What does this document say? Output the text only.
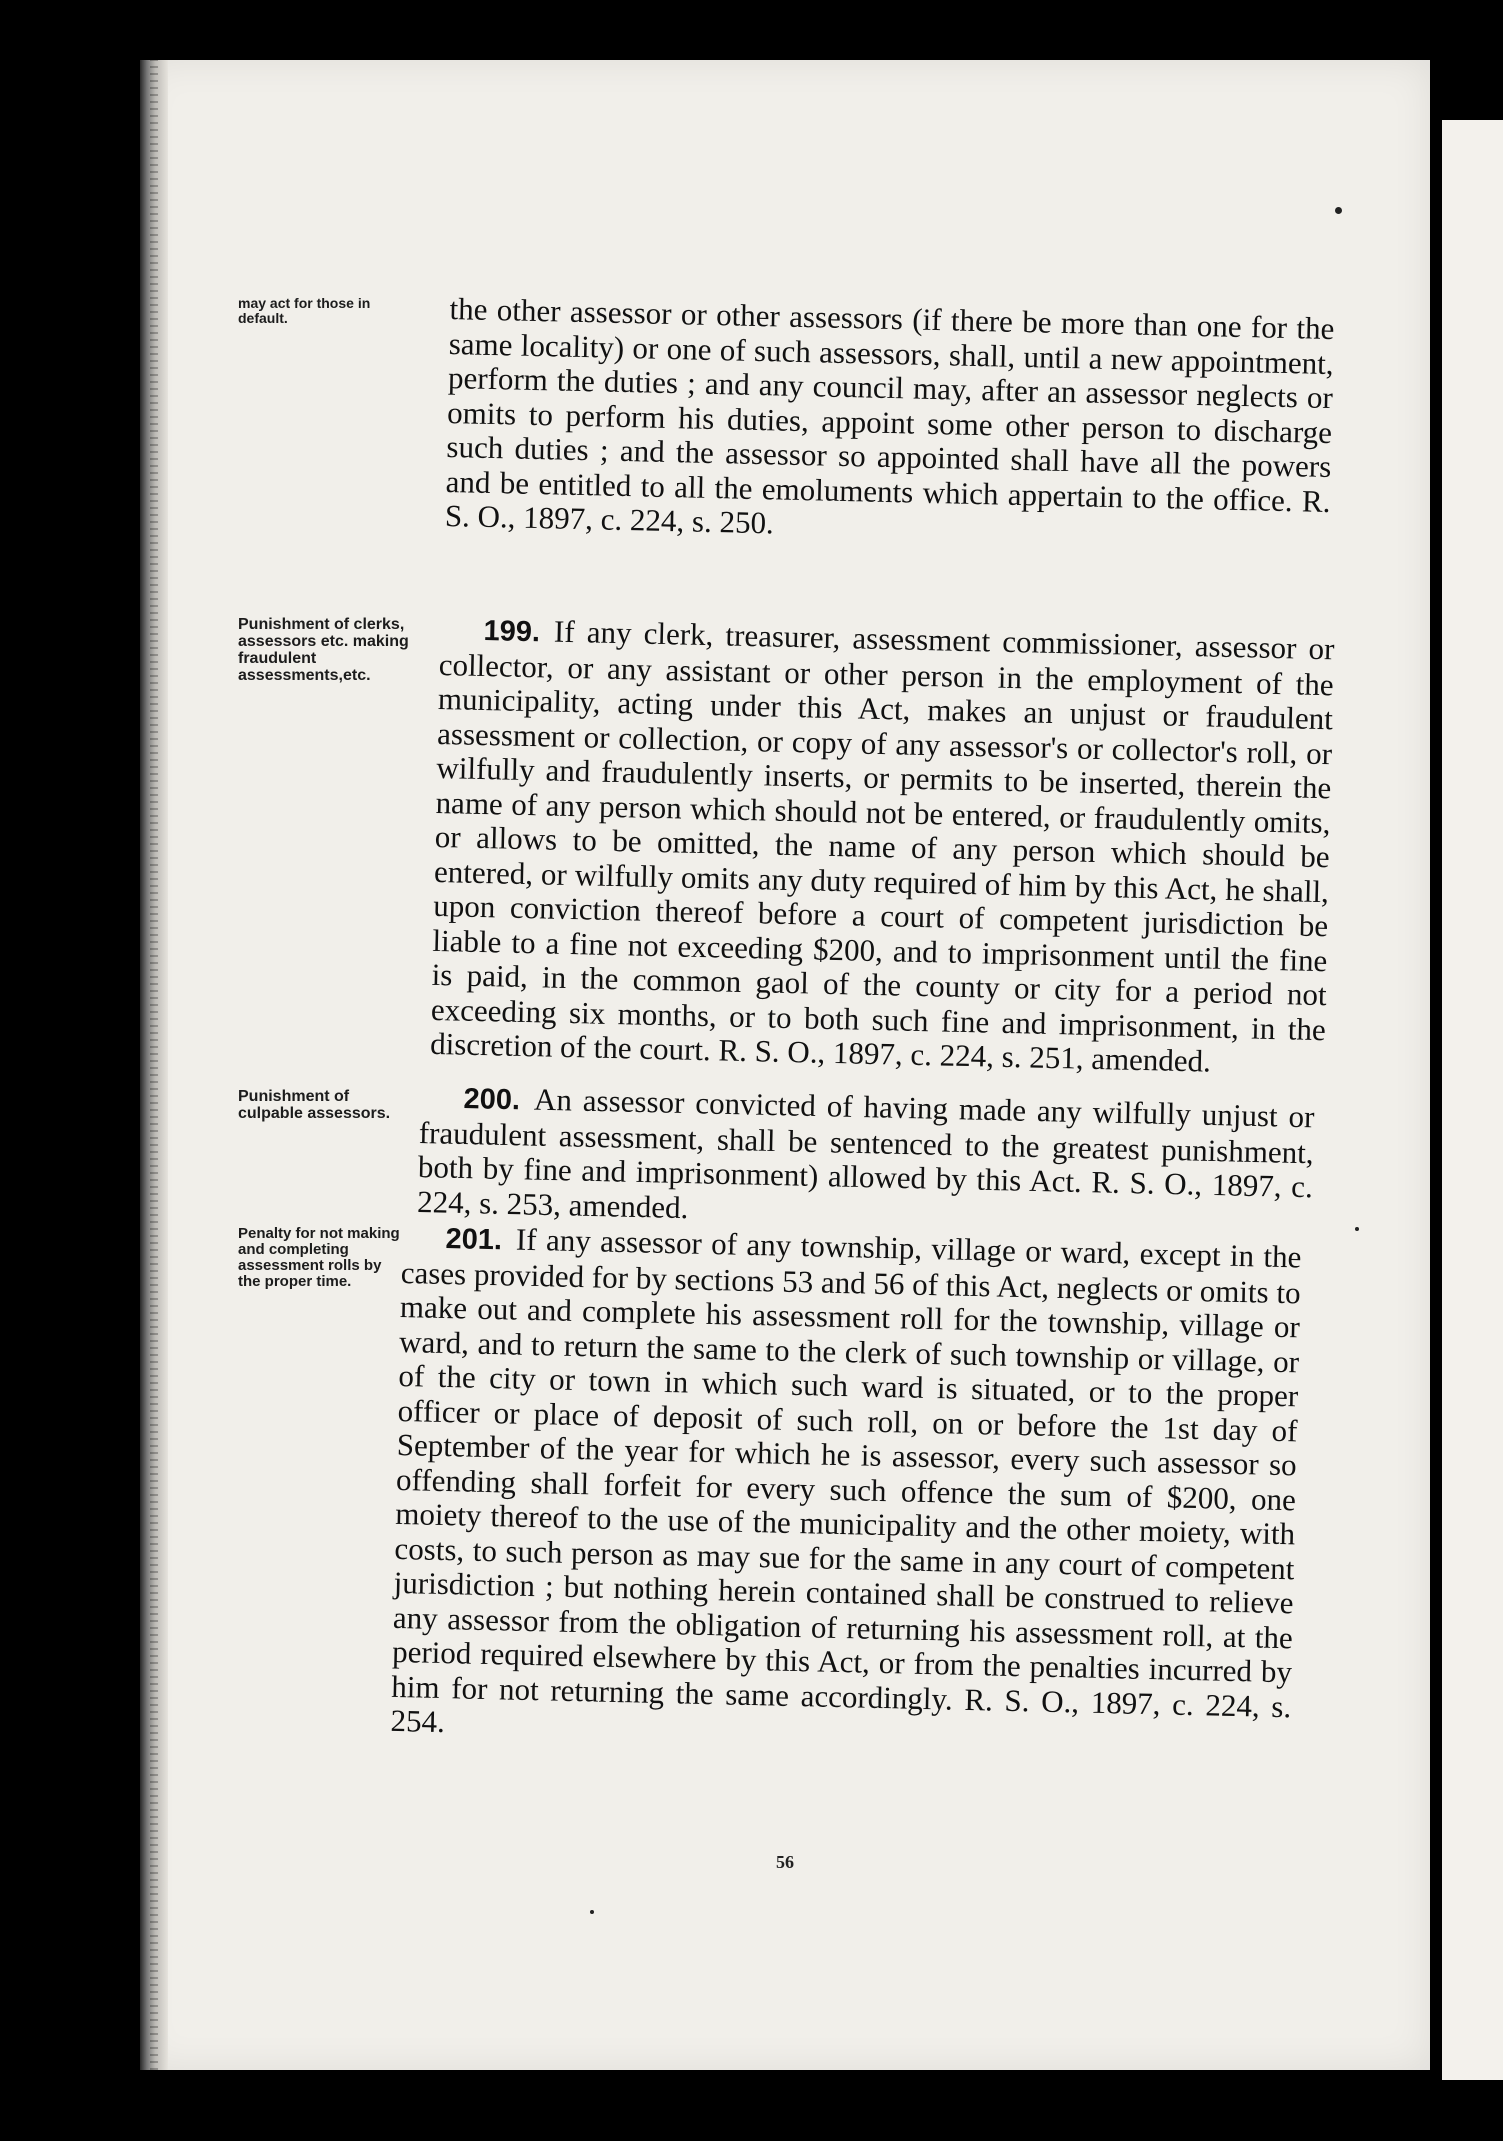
may act for those in default.	the other assessor or other assessors (if there be more than one for the same locality) or one of such assessors, shall, until a new appointment, perform the duties ; and any council may, after an assessor neglects or omits to perform his duties, appoint some other person to discharge such duties ; and the assessor so appointed shall have all the powers and be entitled to all the emoluments which appertain to the office. R. S. O., 1897, c. 224, s. 250.
Punishment of clerks, assessors etc. making fraudulent assessments,etc.
199. If any clerk, treasurer, assessment commissioner, assessor or collector, or any assistant or other person in the employment of the municipality, acting under this Act, makes an unjust or fraudulent assessment or collection, or copy of any assessor's or collector's roll, or wilfully and fraudulently inserts, or permits to be inserted, therein the name of any person which should not be entered, or fraudulently omits, or allows to be omitted, the name of any person which should be entered, or wilfully omits any duty required of him by this Act, he shall, upon conviction thereof before a court of competent jurisdiction be liable to a fine not exceeding $200, and to imprisonment until the fine is paid, in the common gaol of the county or city for a period not exceeding six months, or to both such fine and imprisonment, in the discretion of the court. R. S. O., 1897, c. 224, s. 251, amended.
Punishment of culpable assessors.	200. An assessor convicted of having made any wilfully unjust or fraudulent assessment, shall be sentenced to the greatest punishment, both by fine and imprisonment) allowed by this Act. R. S. O., 1897, c. 224, s. 253, amended.
Penalty for not making and completing assessment rolls by the proper time.
201. If any assessor of any township, village or ward, except in the cases provided for by sections 53 and 56 of this Act, neglects or omits to make out and complete his assessment roll for the township, village or ward, and to return the same to the clerk of such township or village, or of the city or town in which such ward is situated, or to the proper officer or place of deposit of such roll, on or before the 1st day of September of the year for which he is assessor, every such assessor so offending shall forfeit for every such offence the sum of $200, one moiety thereof to the use of the municipality and the other moiety, with costs, to such person as may sue for the same in any court of competent jurisdiction ; but nothing herein contained shall be construed to relieve any assessor from the obligation of returning his assessment roll, at the period required elsewhere by this Act, or from the penalties incurred by him for not returning the same accordingly. R. S. O., 1897, c. 224, s. 254.
56
